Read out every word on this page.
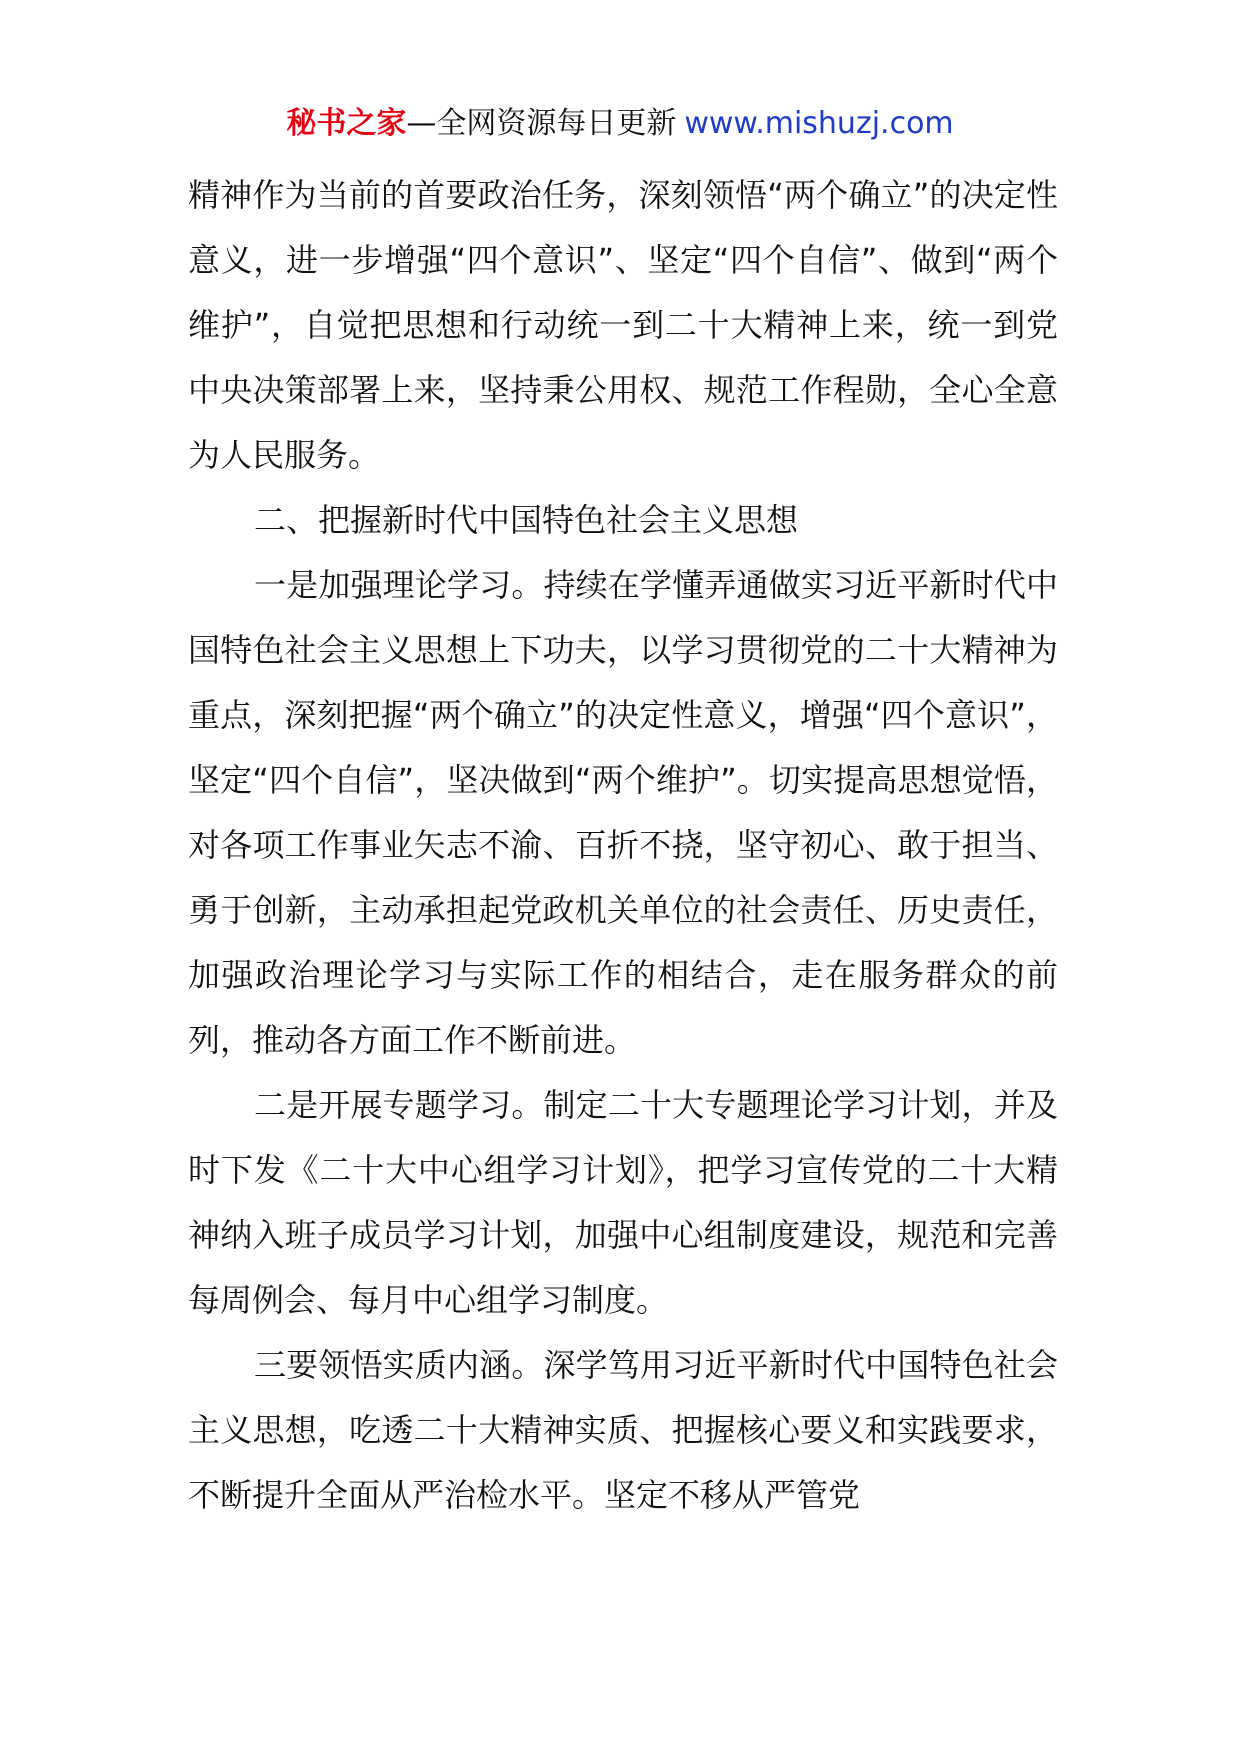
秘书之家—全网资源每日更新 www.mishuzj.com

精神作为当前的首要政治任务，深刻领悟“两个确立”的决定性意义，进一步增强“四个意识”、坚定“四个自信”、做到“两个维护”，自觉把思想和行动统一到二十大精神上来，统一到党中央决策部署上来，坚持秉公用权、规范工作程勋，全心全意为人民服务。

二、把握新时代中国特色社会主义思想

一是加强理论学习。持续在学懂弄通做实习近平新时代中国特色社会主义思想上下功夫，以学习贯彻党的二十大精神为重点，深刻把握“两个确立”的决定性意义，增强“四个意识”，坚定“四个自信”，坚决做到“两个维护”。切实提高思想觉悟，对各项工作事业矢志不渝、百折不挠，坚守初心、敢于担当、勇于创新，主动承担起党政机关单位的社会责任、历史责任，加强政治理论学习与实际工作的相结合，走在服务群众的前列，推动各方面工作不断前进。

二是开展专题学习。制定二十大专题理论学习计划，并及时下发《二十大中心组学习计划》，把学习宣传党的二十大精神纳入班子成员学习计划，加强中心组制度建设，规范和完善每周例会、每月中心组学习制度。

三要领悟实质内涵。深学笃用习近平新时代中国特色社会主义思想，吃透二十大精神实质、把握核心要义和实践要求，不断提升全面从严治检水平。坚定不移从严管党
